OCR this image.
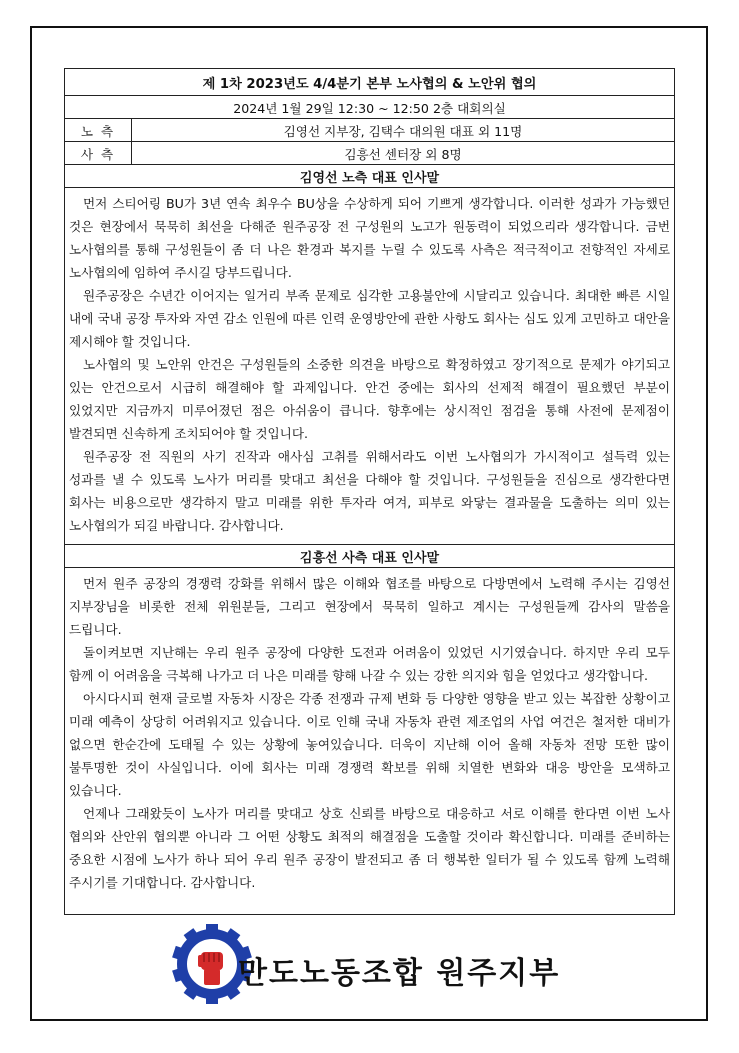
제 1차 2023년도 4/4분기 본부 노사협의 & 노안위 협의	
2024년 1월 29일 12:30 ~ 12:50 2층 대회의실	
노 측	김영선 지부장, 김택수 대의원 대표 외 11명
사 측	김흥선 센터장 외 8명
김영선 노측 대표 인사말	

먼저 스티어링 BU가 3년 연속 최우수 BU상을 수상하게 되어 기쁘게 생각합니다. 이러한 성과가 가능했던 것은 현장에서 묵묵히 최선을 다해준 원주공장 전 구성원의 노고가 원동력이 되었으리라 생각합니다. 금번 노사협의를 통해 구성원들이 좀 더 나은 환경과 복지를 누릴 수 있도록 사측은 적극적이고 전향적인 자세로 노사협의에 임하여 주시길 당부드립니다.

원주공장은 수년간 이어지는 일거리 부족 문제로 심각한 고용불안에 시달리고 있습니다. 최대한 빠른 시일 내에 국내 공장 투자와 자연 감소 인원에 따른 인력 운영방안에 관한 사항도 회사는 심도 있게 고민하고 대안을 제시해야 할 것입니다.

노사협의 및 노안위 안건은 구성원들의 소중한 의견을 바탕으로 확정하였고 장기적으로 문제가 야기되고 있는 안건으로서 시급히 해결해야 할 과제입니다. 안건 중에는 회사의 선제적 해결이 필요했던 부분이 있었지만 지금까지 미루어졌던 점은 아쉬움이 큽니다. 향후에는 상시적인 점검을 통해 사전에 문제점이 발견되면 신속하게 조치되어야 할 것입니다.

원주공장 전 직원의 사기 진작과 애사심 고취를 위해서라도 이번 노사협의가 가시적이고 설득력 있는 성과를 낼 수 있도록 노사가 머리를 맞대고 최선을 다해야 할 것입니다. 구성원들을 진심으로 생각한다면 회사는 비용으로만 생각하지 말고 미래를 위한 투자라 여겨, 피부로 와닿는 결과물을 도출하는 의미 있는 노사협의가 되길 바랍니다. 감사합니다.	

김흥선 사측 대표 인사말	

먼저 원주 공장의 경쟁력 강화를 위해서 많은 이해와 협조를 바탕으로 다방면에서 노력해 주시는 김영선 지부장님을 비롯한 전체 위원분들, 그리고 현장에서 묵묵히 일하고 계시는 구성원들께 감사의 말씀을 드립니다.

돌이켜보면 지난해는 우리 원주 공장에 다양한 도전과 어려움이 있었던 시기였습니다. 하지만 우리 모두 함께 이 어려움을 극복해 나가고 더 나은 미래를 향해 나갈 수 있는 강한 의지와 힘을 얻었다고 생각합니다.

아시다시피 현재 글로벌 자동차 시장은 각종 전쟁과 규제 변화 등 다양한 영향을 받고 있는 복잡한 상황이고 미래 예측이 상당히 어려워지고 있습니다. 이로 인해 국내 자동차 관련 제조업의 사업 여건은 철저한 대비가 없으면 한순간에 도태될 수 있는 상황에 놓여있습니다. 더욱이 지난해 이어 올해 자동차 전망 또한 많이 불투명한 것이 사실입니다. 이에 회사는 미래 경쟁력 확보를 위해 치열한 변화와 대응 방안을 모색하고 있습니다.

언제나 그래왔듯이 노사가 머리를 맞대고 상호 신뢰를 바탕으로 대응하고 서로 이해를 한다면 이번 노사 협의와 산안위 협의뿐 아니라 그 어떤 상황도 최적의 해결점을 도출할 것이라 확신합니다. 미래를 준비하는 중요한 시점에 노사가 하나 되어 우리 원주 공장이 발전되고 좀 더 행복한 일터가 될 수 있도록 함께 노력해 주시기를 기대합니다. 감사합니다.	

만도노동조합 원주지부
